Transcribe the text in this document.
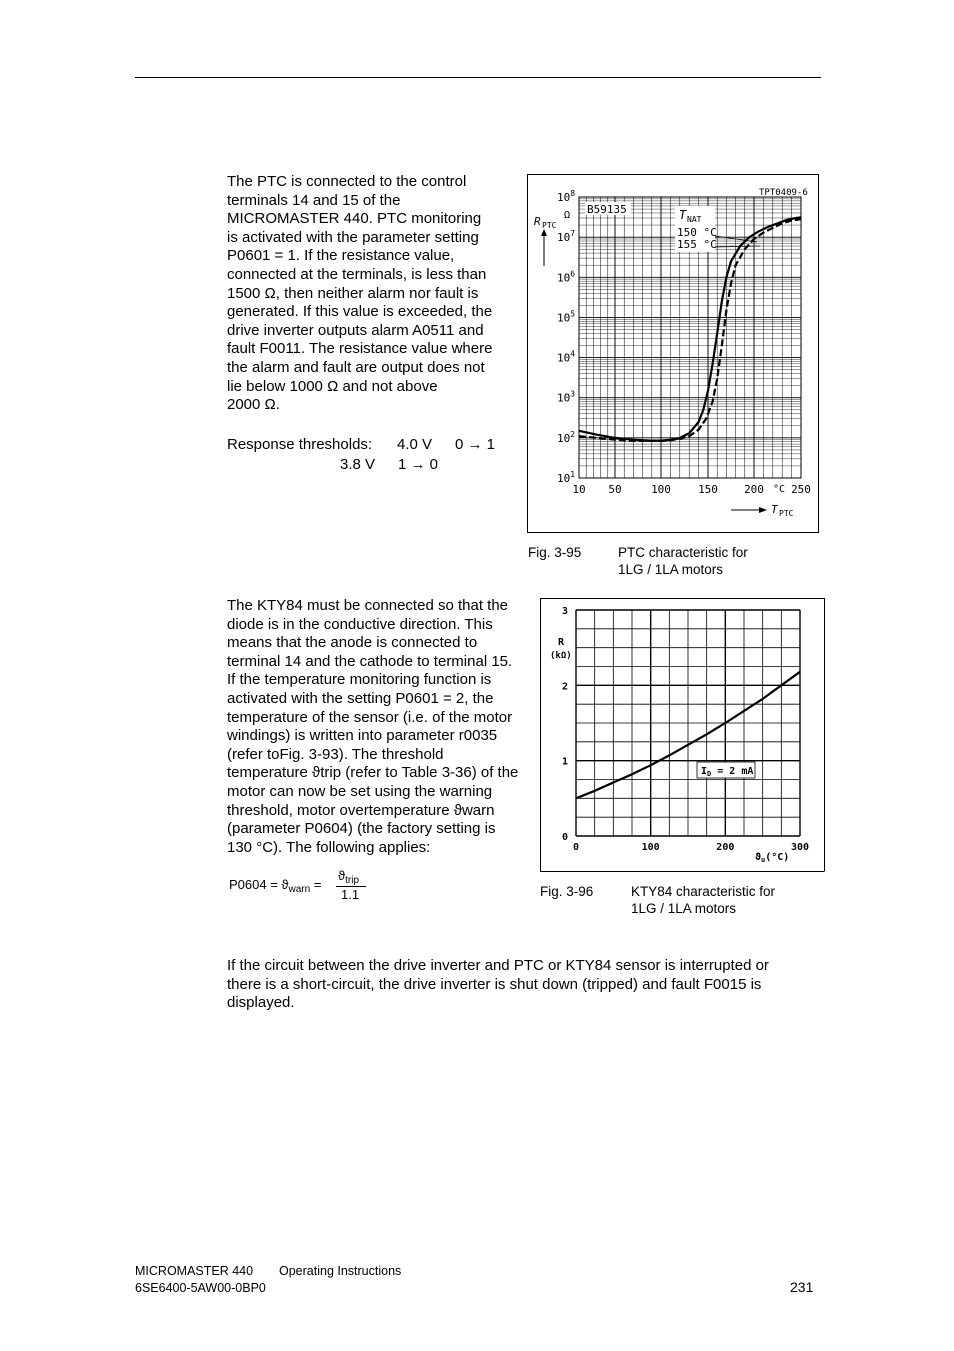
The PTC is connected to the control
terminals 14 and 15 of the
MICROMASTER 440. PTC monitoring
is activated with the parameter setting
P0601 = 1. If the resistance value,
connected at the terminals, is less than
1500 Ω, then neither alarm nor fault is
generated. If this value is exceeded, the
drive inverter outputs alarm A0511 and
fault F0011. The resistance value where
the alarm and fault are output does not
lie below 1000 Ω and not above
2000 Ω.

Response thresholds: 4.0 V 0 → 1
3.8 V 1 → 0
10 50	100 150 200 250
$10^1$
$10^2$
$10^3$
$10^4$
$10^5$
$10^6$
$10^7$
$10^8$	TPT0409-6
B59135	T NAT
150 °C
155 °C
R PTC
Ω
°C
T PTC
Fig. 3-95	PTC characteristic for
1LG / 1LA motors

The KTY84 must be connected so that the
diode is in the conductive direction. This
means that the anode is connected to
terminal 14 and the cathode to terminal 15.
If the temperature monitoring function is
activated with the setting P0601 = 2, the
temperature of the sensor (i.e. of the motor
windings) is written into parameter r0035
(refer toFig. 3-93). The threshold
temperature ϑtrip (refer to Table 3-36) of the
motor can now be set using the warning
threshold, motor overtemperature ϑwarn
(parameter P0604) (the factory setting is
130 °C). The following applies:

$P0604 = ϑ_{warn}$ =
$ϑ_{trip}$
1.1
0	100	200	300
0
1
2
3
$I_D = 2$ mA
R
(kΩ)
$ϑ_u(^\circ C)$
Fig. 3-96	KTY84 characteristic for
1LG / 1LA motors

If the circuit between the drive inverter and PTC or KTY84 sensor is interrupted or
there is a short-circuit, the drive inverter is shut down (tripped) and fault F0015 is
displayed.

MICROMASTER 440 Operating Instructions
6SE6400-5AW00-0BP0	231
